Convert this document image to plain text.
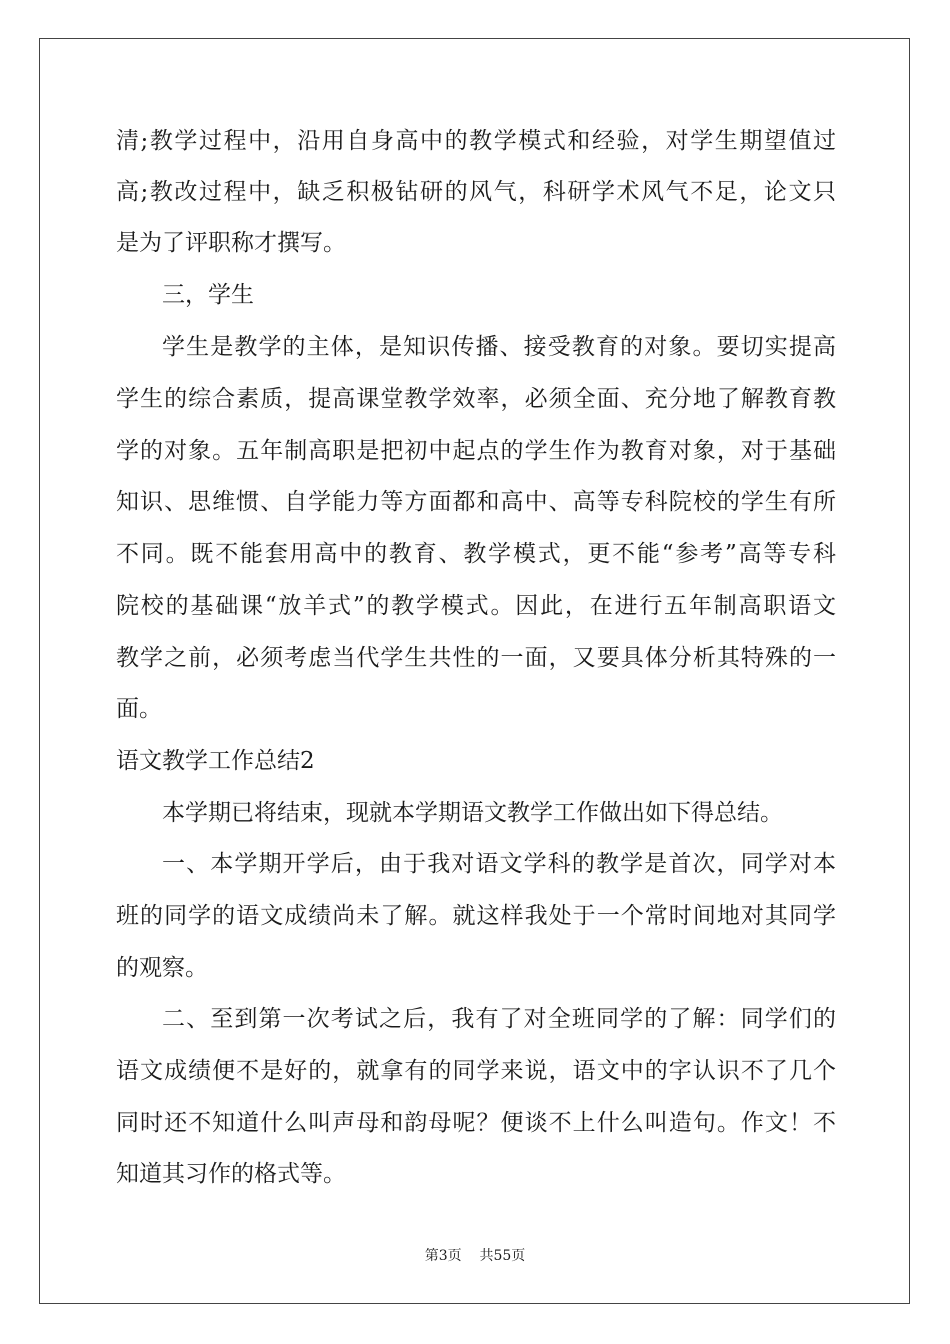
清;教学过程中，沿用自身高中的教学模式和经验，对学生期望值过
高;教改过程中，缺乏积极钻研的风气，科研学术风气不足，论文只
是为了评职称才撰写。
三，学生
学生是教学的主体，是知识传播、接受教育的对象。要切实提高
学生的综合素质，提高课堂教学效率，必须全面、充分地了解教育教
学的对象。五年制高职是把初中起点的学生作为教育对象，对于基础
知识、思维惯、自学能力等方面都和高中、高等专科院校的学生有所
不同。既不能套用高中的教育、教学模式，更不能“参考”高等专科
院校的基础课“放羊式”的教学模式。因此，在进行五年制高职语文
教学之前，必须考虑当代学生共性的一面，又要具体分析其特殊的一
面。
语文教学工作总结2
本学期已将结束，现就本学期语文教学工作做出如下得总结。
一、本学期开学后，由于我对语文学科的教学是首次，同学对本
班的同学的语文成绩尚未了解。就这样我处于一个常时间地对其同学
的观察。
二、至到第一次考试之后，我有了对全班同学的了解：同学们的
语文成绩便不是好的，就拿有的同学来说，语文中的字认识不了几个
同时还不知道什么叫声母和韵母呢？便谈不上什么叫造句。作文！不
知道其习作的格式等。
第3页    共55页
